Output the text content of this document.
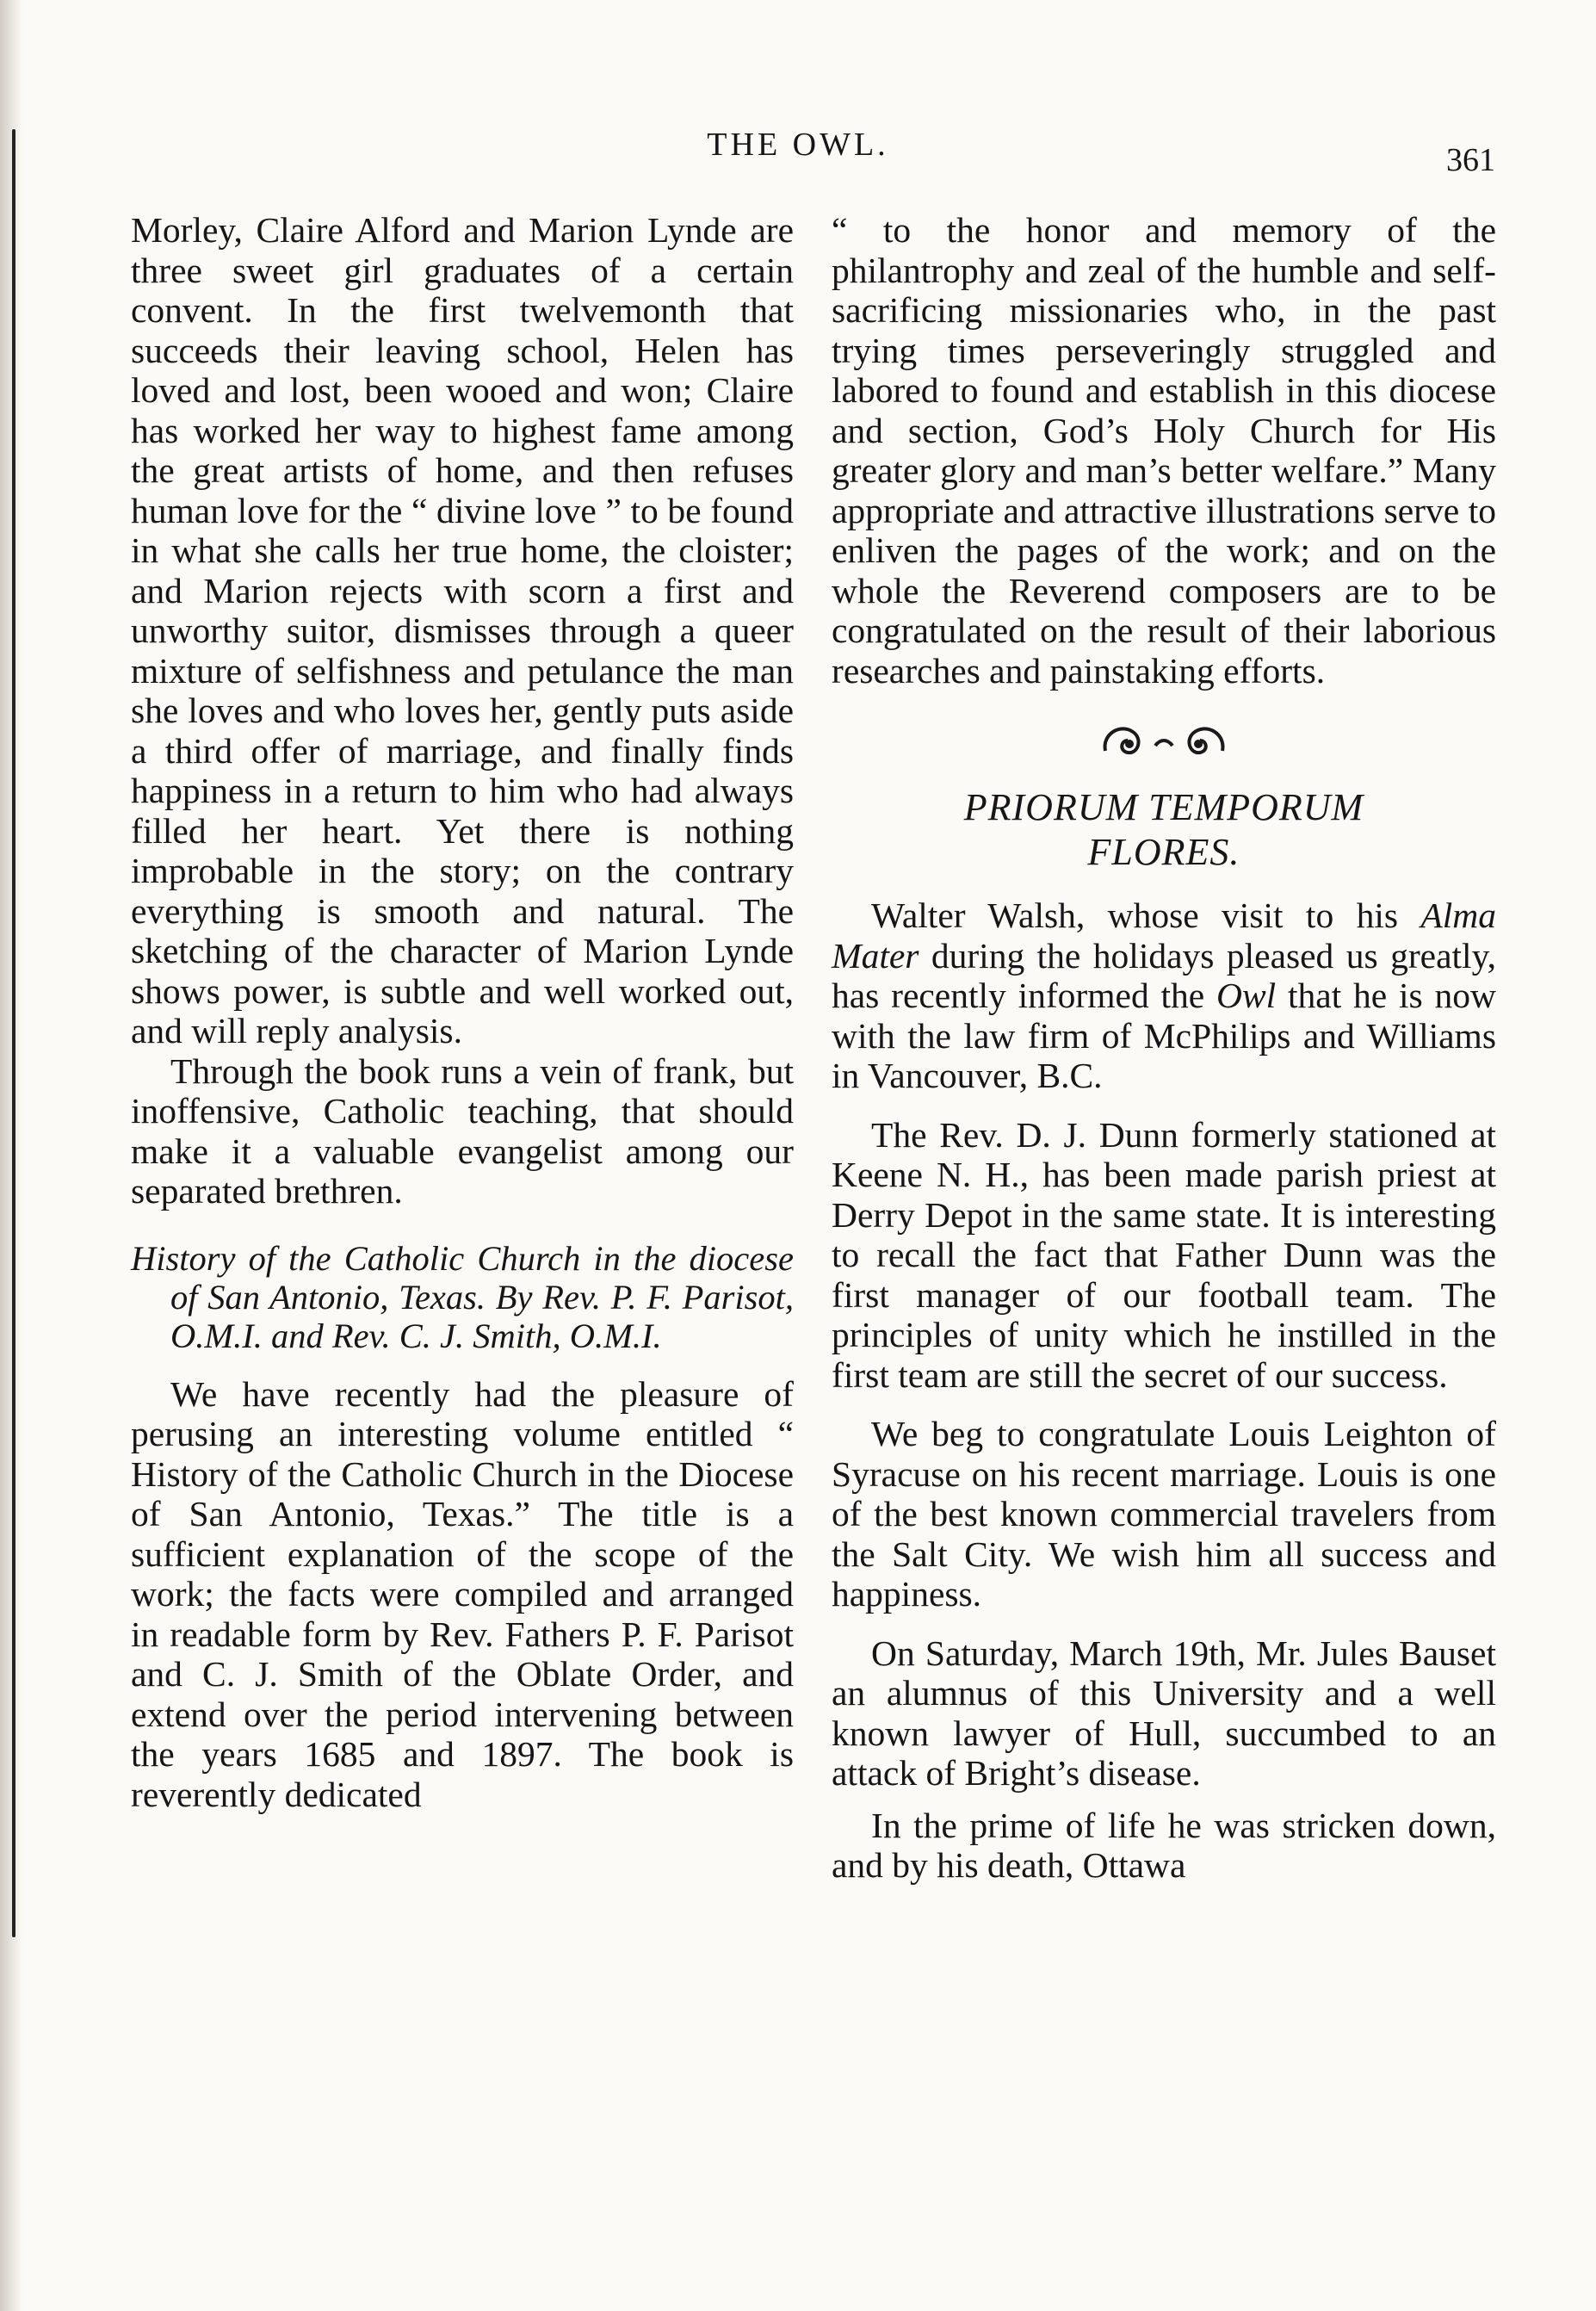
THE OWL.	361

Morley, Claire Alford and Marion Lynde are three sweet girl graduates of a certain convent. In the first twelvemonth that succeeds their leaving school, Helen has loved and lost, been wooed and won; Claire has worked her way to highest fame among the great artists of home, and then refuses human love for the “ divine love ” to be found in what she calls her true home, the cloister; and Marion rejects with scorn a first and unworthy suitor, dismisses through a queer mixture of selfishness and petulance the man she loves and who loves her, gently puts aside a third offer of marriage, and finally finds happiness in a return to him who had always filled her heart. Yet there is nothing improbable in the story; on the contrary everything is smooth and natural. The sketching of the character of Marion Lynde shows power, is subtle and well worked out, and will reply analysis.

Through the book runs a vein of frank, but inoffensive, Catholic teaching, that should make it a valuable evangelist among our separated brethren.

History of the Catholic Church in the diocese of San Antonio, Texas. By Rev. P. F. Parisot, O.M.I. and Rev. C. J. Smith, O.M.I.

We have recently had the pleasure of perusing an interesting volume entitled “ History of the Catholic Church in the Diocese of San Antonio, Texas.” The title is a sufficient explanation of the scope of the work; the facts were compiled and arranged in readable form by Rev. Fathers P. F. Parisot and C. J. Smith of the Oblate Order, and extend over the period intervening between the years 1685 and 1897. The book is reverently dedicated

“ to the honor and memory of the philantrophy and zeal of the humble and self-sacrificing missionaries who, in the past trying times perseveringly struggled and labored to found and establish in this diocese and section, God’s Holy Church for His greater glory and man’s better welfare.” Many appropriate and attractive illustrations serve to enliven the pages of the work; and on the whole the Reverend composers are to be congratulated on the result of their laborious researches and painstaking efforts.

PRIORUM TEMPORUM
FLORES.

Walter Walsh, whose visit to his Alma Mater during the holidays pleased us greatly, has recently informed the Owl that he is now with the law firm of McPhilips and Williams in Vancouver, B.C.

The Rev. D. J. Dunn formerly stationed at Keene N. H., has been made parish priest at Derry Depot in the same state. It is interesting to recall the fact that Father Dunn was the first manager of our football team. The principles of unity which he instilled in the first team are still the secret of our success.

We beg to congratulate Louis Leighton of Syracuse on his recent marriage. Louis is one of the best known commercial travelers from the Salt City. We wish him all success and happiness.

On Saturday, March 19th, Mr. Jules Bauset an alumnus of this University and a well known lawyer of Hull, succumbed to an attack of Bright’s disease.

In the prime of life he was stricken down, and by his death, Ottawa
